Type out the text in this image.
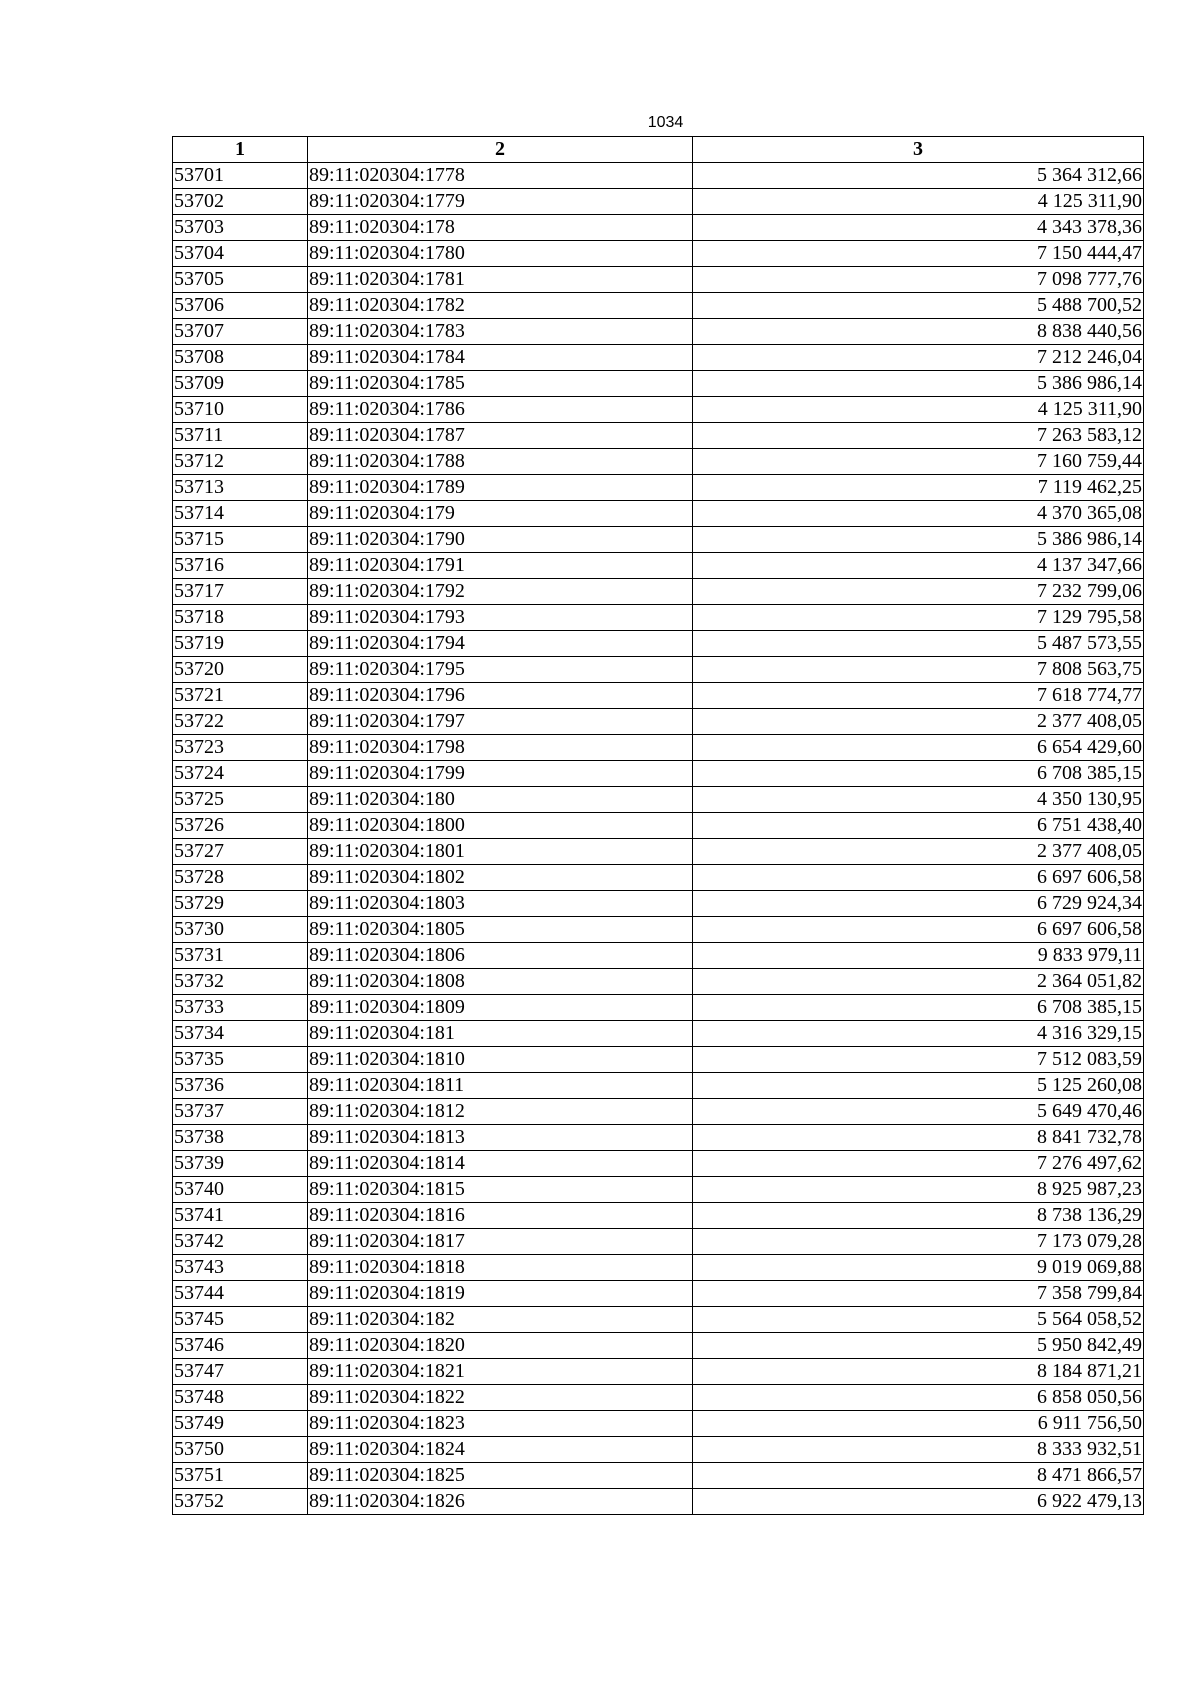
1034
1	2	3
53701	89:11:020304:1778	5 364 312,66
53702	89:11:020304:1779	4 125 311,90
53703	89:11:020304:178	4 343 378,36
53704	89:11:020304:1780	7 150 444,47
53705	89:11:020304:1781	7 098 777,76
53706	89:11:020304:1782	5 488 700,52
53707	89:11:020304:1783	8 838 440,56
53708	89:11:020304:1784	7 212 246,04
53709	89:11:020304:1785	5 386 986,14
53710	89:11:020304:1786	4 125 311,90
53711	89:11:020304:1787	7 263 583,12
53712	89:11:020304:1788	7 160 759,44
53713	89:11:020304:1789	7 119 462,25
53714	89:11:020304:179	4 370 365,08
53715	89:11:020304:1790	5 386 986,14
53716	89:11:020304:1791	4 137 347,66
53717	89:11:020304:1792	7 232 799,06
53718	89:11:020304:1793	7 129 795,58
53719	89:11:020304:1794	5 487 573,55
53720	89:11:020304:1795	7 808 563,75
53721	89:11:020304:1796	7 618 774,77
53722	89:11:020304:1797	2 377 408,05
53723	89:11:020304:1798	6 654 429,60
53724	89:11:020304:1799	6 708 385,15
53725	89:11:020304:180	4 350 130,95
53726	89:11:020304:1800	6 751 438,40
53727	89:11:020304:1801	2 377 408,05
53728	89:11:020304:1802	6 697 606,58
53729	89:11:020304:1803	6 729 924,34
53730	89:11:020304:1805	6 697 606,58
53731	89:11:020304:1806	9 833 979,11
53732	89:11:020304:1808	2 364 051,82
53733	89:11:020304:1809	6 708 385,15
53734	89:11:020304:181	4 316 329,15
53735	89:11:020304:1810	7 512 083,59
53736	89:11:020304:1811	5 125 260,08
53737	89:11:020304:1812	5 649 470,46
53738	89:11:020304:1813	8 841 732,78
53739	89:11:020304:1814	7 276 497,62
53740	89:11:020304:1815	8 925 987,23
53741	89:11:020304:1816	8 738 136,29
53742	89:11:020304:1817	7 173 079,28
53743	89:11:020304:1818	9 019 069,88
53744	89:11:020304:1819	7 358 799,84
53745	89:11:020304:182	5 564 058,52
53746	89:11:020304:1820	5 950 842,49
53747	89:11:020304:1821	8 184 871,21
53748	89:11:020304:1822	6 858 050,56
53749	89:11:020304:1823	6 911 756,50
53750	89:11:020304:1824	8 333 932,51
53751	89:11:020304:1825	8 471 866,57
53752	89:11:020304:1826	6 922 479,13
